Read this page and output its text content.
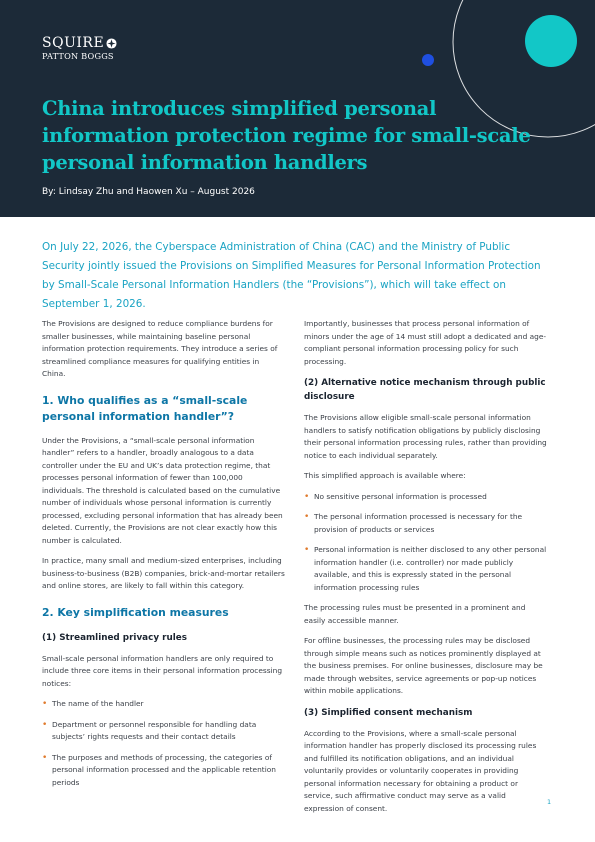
SQUIRE
PATTON BOGGS
China introduces simplified personal information protection regime for small-scale personal information handlers
By: Lindsay Zhu and Haowen Xu – August 2026

On July 22, 2026, the Cyberspace Administration of China (CAC) and the Ministry of Public Security jointly issued the Provisions on Simplified Measures for Personal Information Protection by Small-Scale Personal Information Handlers (the “Provisions”), which will take effect on September 1, 2026.

The Provisions are designed to reduce compliance burdens for smaller businesses, while maintaining baseline personal information protection requirements. They introduce a series of streamlined compliance measures for qualifying entities in China.

1. Who qualifies as a “small-scale personal information handler”?

Under the Provisions, a “small-scale personal information handler” refers to a handler, broadly analogous to a data controller under the EU and UK’s data protection regime, that processes personal information of fewer than 100,000 individuals. The threshold is calculated based on the cumulative number of individuals whose personal information is currently processed, excluding personal information that has already been deleted. Currently, the Provisions are not clear exactly how this number is calculated.

In practice, many small and medium-sized enterprises, including business-to-business (B2B) companies, brick-and-mortar retailers and online stores, are likely to fall within this category.

2. Key simplification measures
(1) Streamlined privacy rules

Small-scale personal information handlers are only required to include three core items in their personal information processing notices:

• The name of the handler
• Department or personnel responsible for handling data subjects’ rights requests and their contact details
• The purposes and methods of processing, the categories of personal information processed and the applicable retention periods

Importantly, businesses that process personal information of minors under the age of 14 must still adopt a dedicated and age-compliant personal information processing policy for such processing.

(2) Alternative notice mechanism through public disclosure

The Provisions allow eligible small-scale personal information handlers to satisfy notification obligations by publicly disclosing their personal information processing rules, rather than providing notice to each individual separately.

This simplified approach is available where:

• No sensitive personal information is processed
• The personal information processed is necessary for the provision of products or services
• Personal information is neither disclosed to any other personal information handler (i.e. controller) nor made publicly available, and this is expressly stated in the personal information processing rules

The processing rules must be presented in a prominent and easily accessible manner.

For offline businesses, the processing rules may be disclosed through simple means such as notices prominently displayed at the business premises. For online businesses, disclosure may be made through websites, service agreements or pop-up notices within mobile applications.

(3) Simplified consent mechanism

According to the Provisions, where a small-scale personal information handler has properly disclosed its processing rules and fulfilled its notification obligations, and an individual voluntarily provides or voluntarily cooperates in providing personal information necessary for obtaining a product or service, such affirmative conduct may serve as a valid expression of consent.

1
